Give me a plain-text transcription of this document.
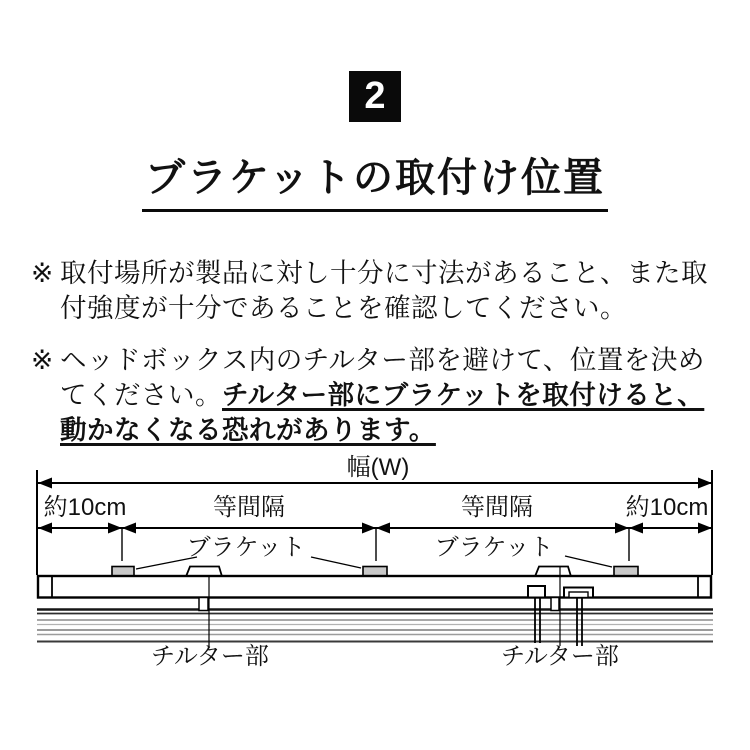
2
ブラケットの取付け位置
※ 取付場所が製品に対し十分に寸法があること、また取付強度が十分であることを確認してください。
※ ヘッドボックス内のチルター部を避けて、位置を決めてください。チルター部にブラケットを取付けると、動かなくなる恐れがあります。
幅(W)
約10cm	等間隔	等間隔	約10cm
ブラケット	ブラケット
チルター部	チルター部
